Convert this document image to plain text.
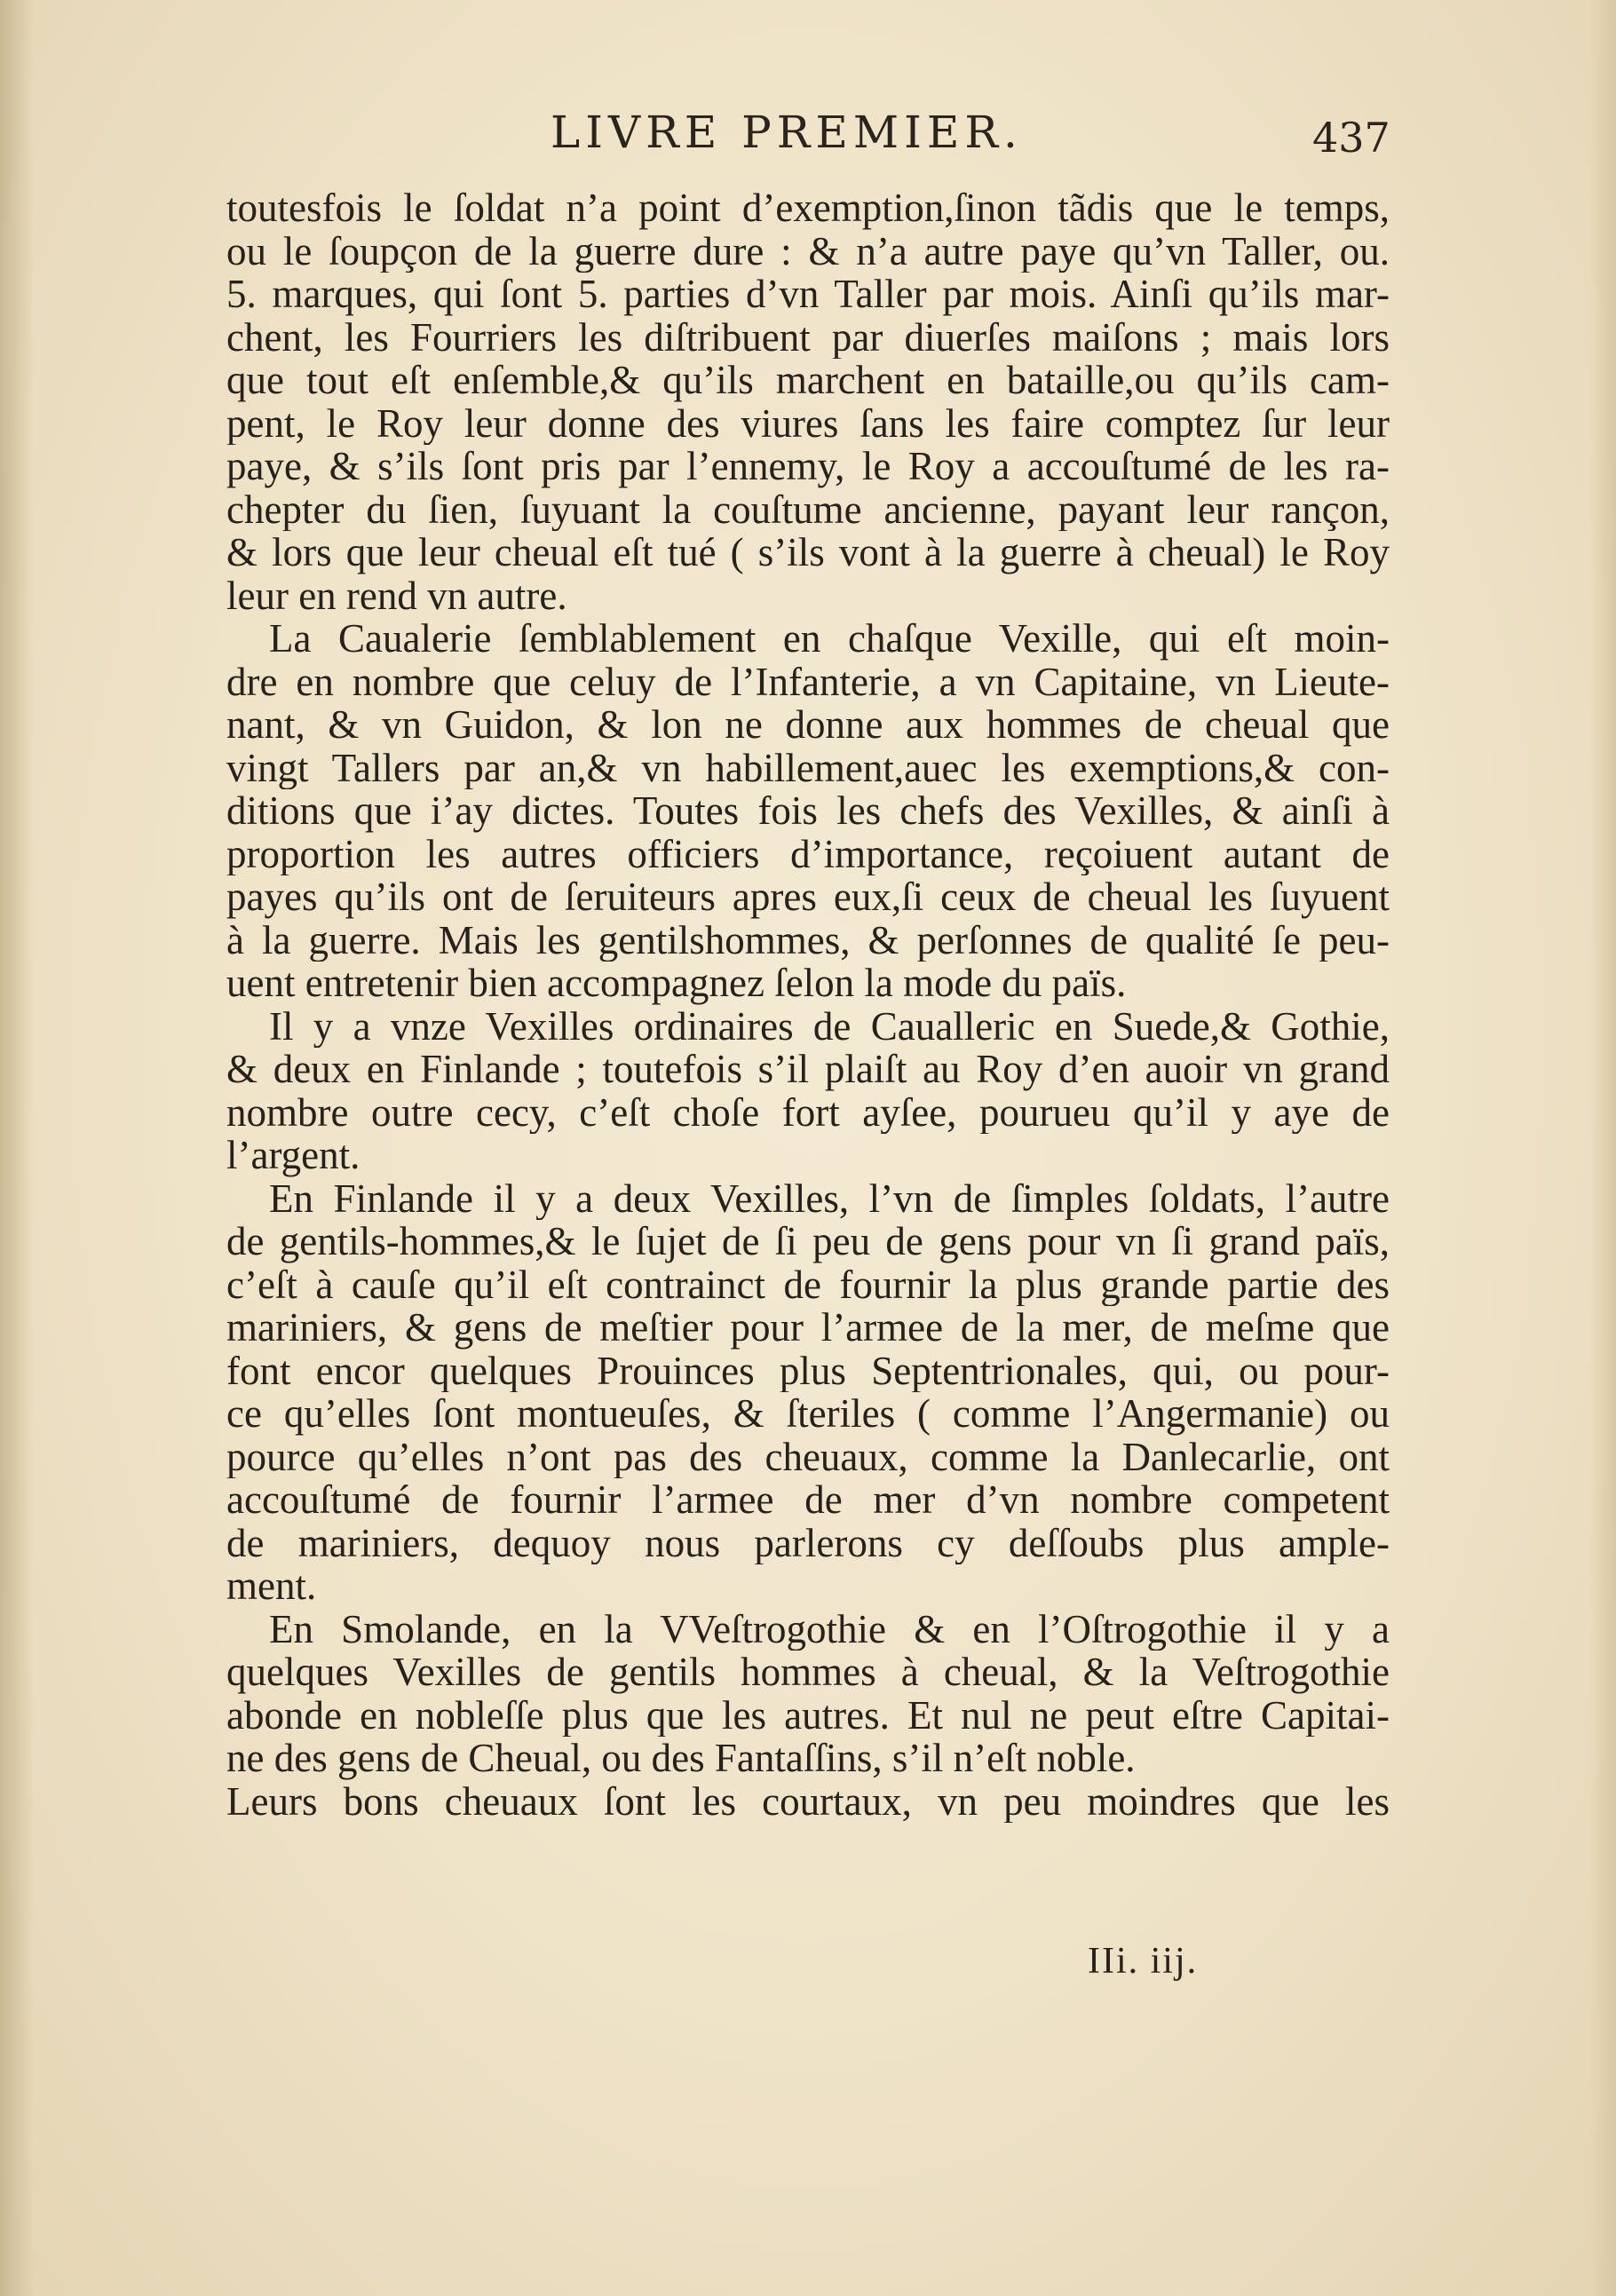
LIVRE PREMIER.	437
toutesfois le ſoldat n’a point d’exemption,ſinon tãdis que le temps,
ou le ſoupçon de la guerre dure : & n’a autre paye qu’vn Taller, ou.
5. marques, qui ſont 5. parties d’vn Taller par mois. Ainſi qu’ils mar-
chent, les Fourriers les diſtribuent par diuerſes maiſons ; mais lors
que tout eſt enſemble,& qu’ils marchent en bataille,ou qu’ils cam-
pent, le Roy leur donne des viures ſans les faire comptez ſur leur
paye, & s’ils ſont pris par l’ennemy, le Roy a accouſtumé de les ra-
chepter du ſien, ſuyuant la couſtume ancienne, payant leur rançon,
& lors que leur cheual eſt tué ( s’ils vont à la guerre à cheual) le Roy
leur en rend vn autre.
La Caualerie ſemblablement en chaſque Vexille, qui eſt moin-
dre en nombre que celuy de l’Infanterie, a vn Capitaine, vn Lieute-
nant, & vn Guidon, & lon ne donne aux hommes de cheual que
vingt Tallers par an,& vn habillement,auec les exemptions,& con-
ditions que i’ay dictes. Toutes fois les chefs des Vexilles, & ainſi à
proportion les autres officiers d’importance, reçoiuent autant de
payes qu’ils ont de ſeruiteurs apres eux,ſi ceux de cheual les ſuyuent
à la guerre. Mais les gentilshommes, & perſonnes de qualité ſe peu-
uent entretenir bien accompagnez ſelon la mode du païs.
Il y a vnze Vexilles ordinaires de Caualleric en Suede,& Gothie,
& deux en Finlande ; toutefois s’il plaiſt au Roy d’en auoir vn grand
nombre outre cecy, c’eſt choſe fort ayſee, pourueu qu’il y aye de
l’argent.
En Finlande il y a deux Vexilles, l’vn de ſimples ſoldats, l’autre
de gentils-hommes,& le ſujet de ſi peu de gens pour vn ſi grand païs,
c’eſt à cauſe qu’il eſt contrainct de fournir la plus grande partie des
mariniers, & gens de meſtier pour l’armee de la mer, de meſme que
font encor quelques Prouinces plus Septentrionales, qui, ou pour-
ce qu’elles ſont montueuſes, & ſteriles ( comme l’Angermanie) ou
pource qu’elles n’ont pas des cheuaux, comme la Danlecarlie, ont
accouſtumé de fournir l’armee de mer d’vn nombre competent
de mariniers, dequoy nous parlerons cy deſſoubs plus ample-
ment.
En Smolande, en la VVeſtrogothie & en l’Oſtrogothie il y a
quelques Vexilles de gentils hommes à cheual, & la Veſtrogothie
abonde en nobleſſe plus que les autres. Et nul ne peut eſtre Capitai-
ne des gens de Cheual, ou des Fantaſſins, s’il n’eſt noble.
Leurs bons cheuaux ſont les courtaux, vn peu moindres que les
IIi. iij.
